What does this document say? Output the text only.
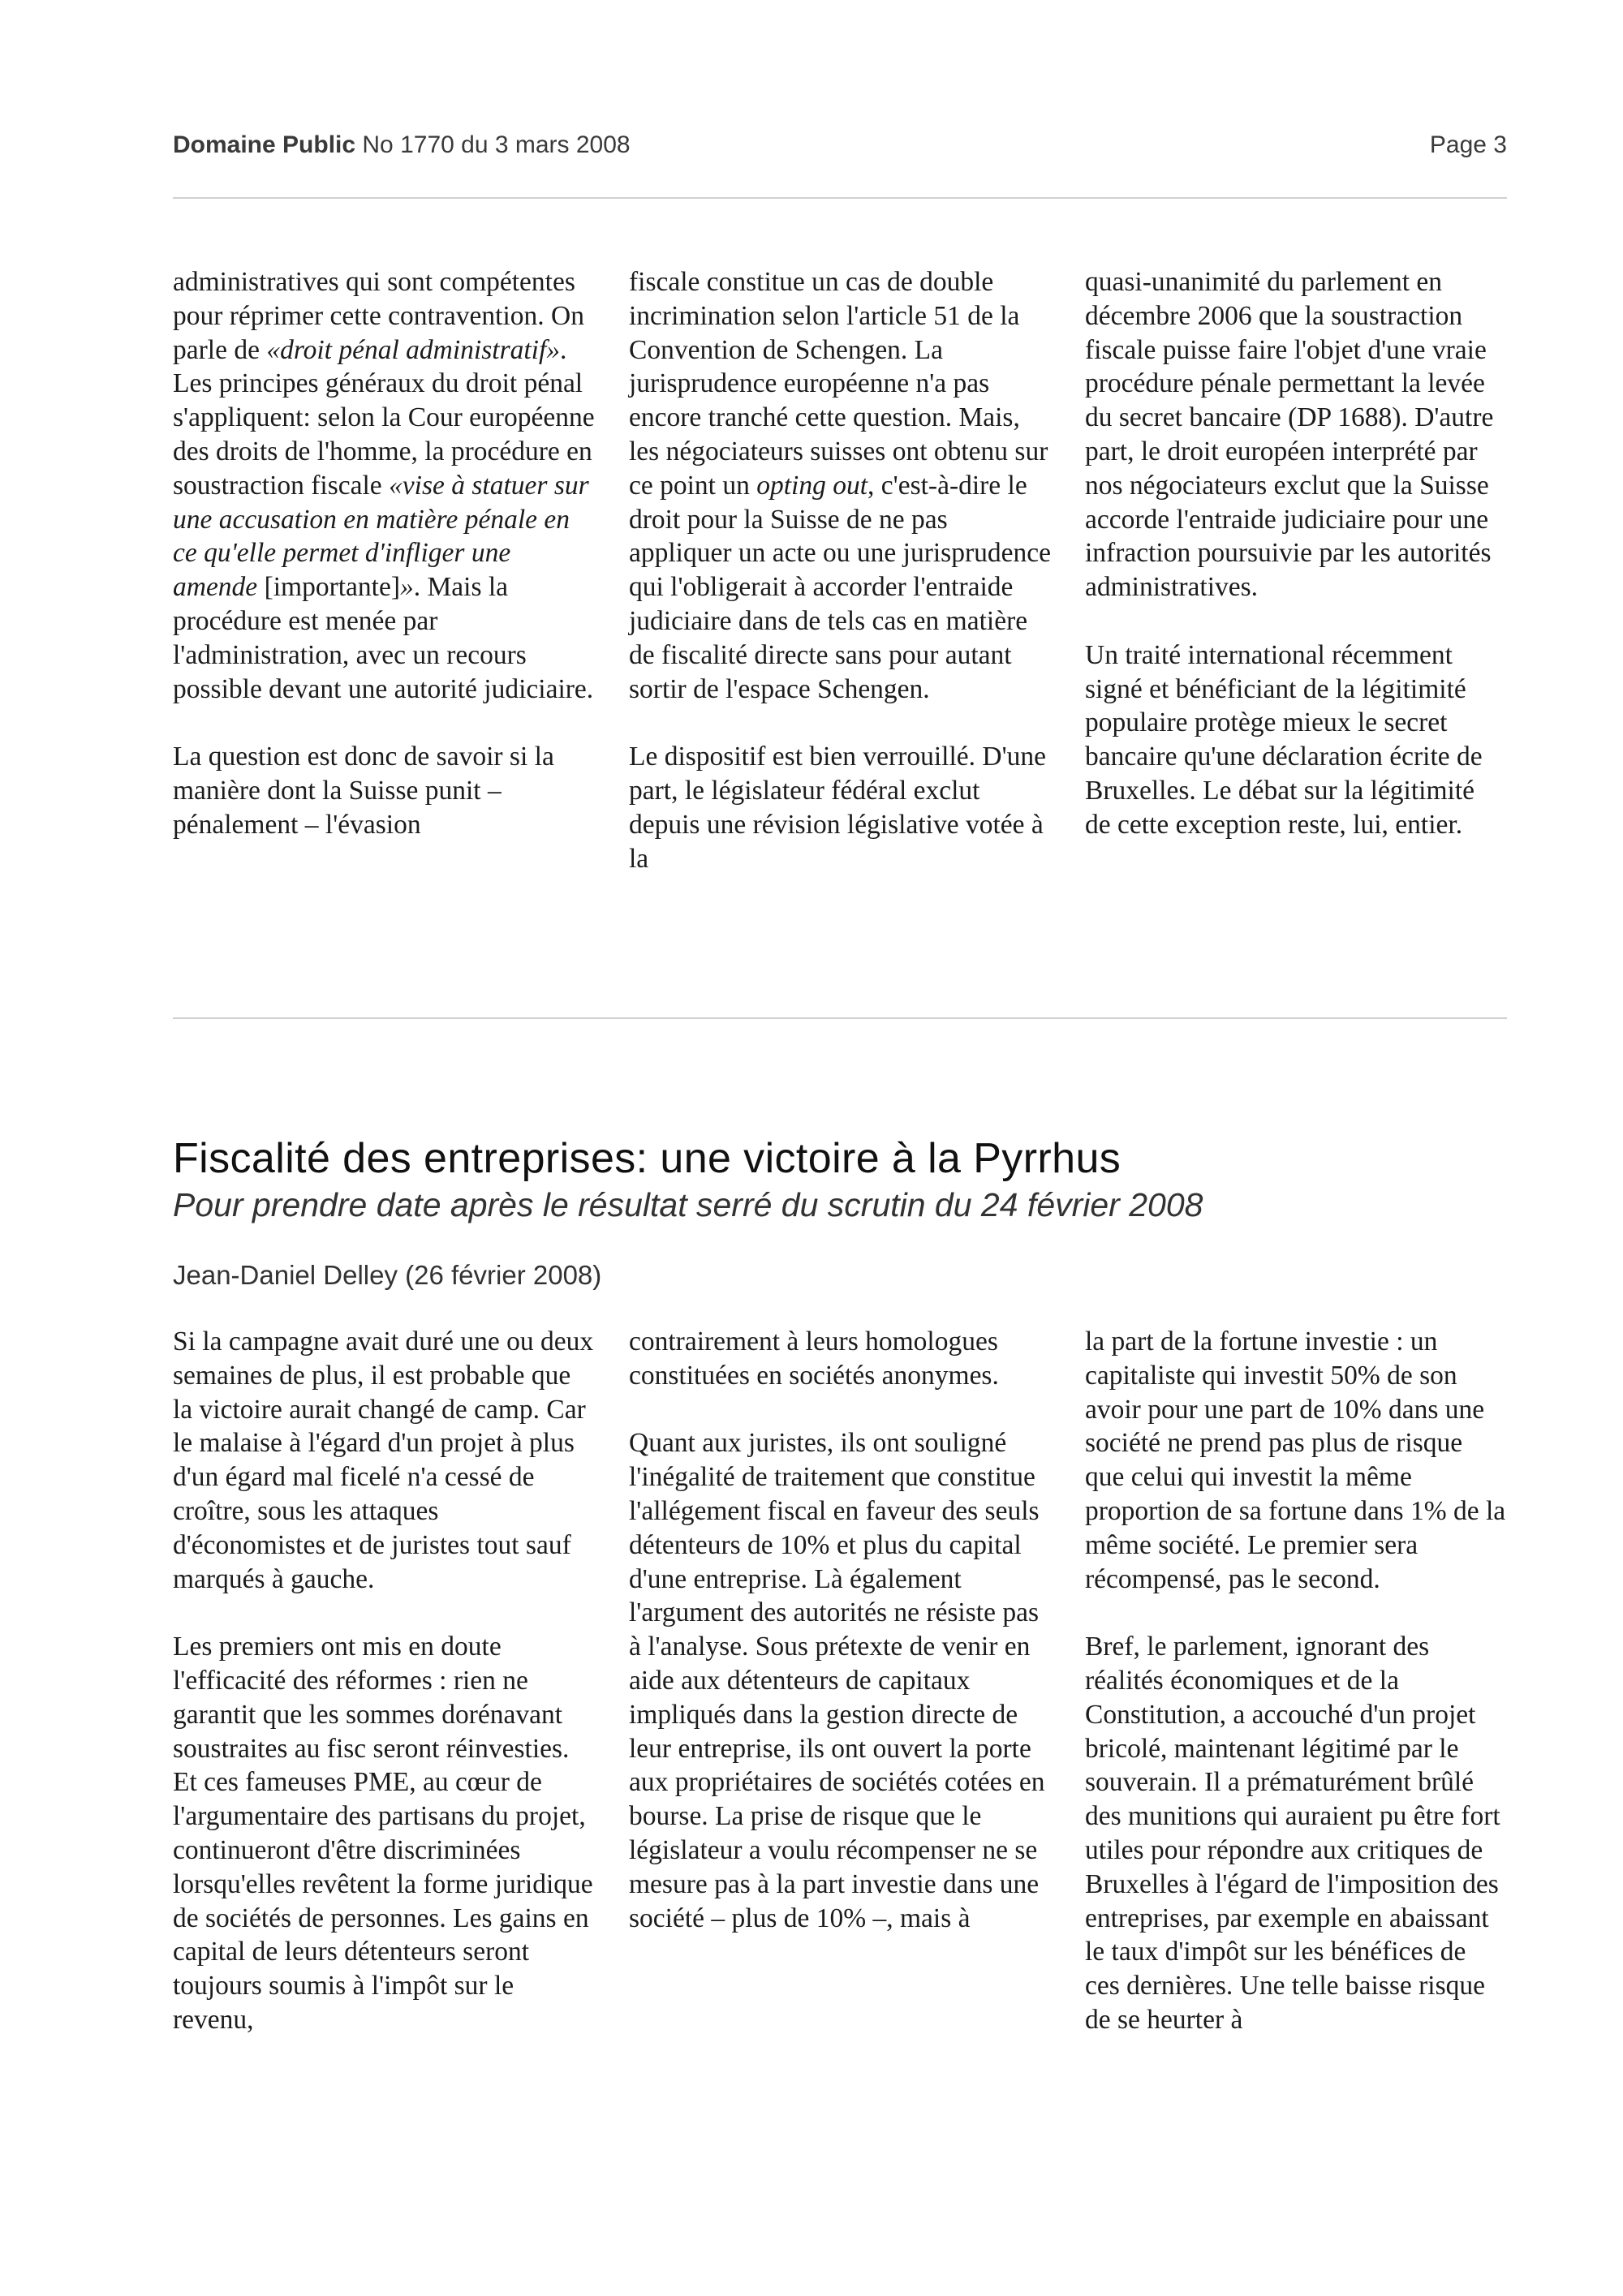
Domaine Public No 1770 du 3 mars 2008	Page 3

administratives qui sont compétentes pour réprimer cette contravention. On parle de «droit pénal administratif». Les principes généraux du droit pénal s'appliquent: selon la Cour européenne des droits de l'homme, la procédure en soustraction fiscale «vise à statuer sur une accusation en matière pénale en ce qu'elle permet d'infliger une amende [importante]». Mais la procédure est menée par l'administration, avec un recours possible devant une autorité judiciaire.

La question est donc de savoir si la manière dont la Suisse punit – pénalement – l'évasion

fiscale constitue un cas de double incrimination selon l'article 51 de la Convention de Schengen. La jurisprudence européenne n'a pas encore tranché cette question. Mais, les négociateurs suisses ont obtenu sur ce point un opting out, c'est-à-dire le droit pour la Suisse de ne pas appliquer un acte ou une jurisprudence qui l'obligerait à accorder l'entraide judiciaire dans de tels cas en matière de fiscalité directe sans pour autant sortir de l'espace Schengen.

Le dispositif est bien verrouillé. D'une part, le législateur fédéral exclut depuis une révision législative votée à la

quasi-unanimité du parlement en décembre 2006 que la soustraction fiscale puisse faire l'objet d'une vraie procédure pénale permettant la levée du secret bancaire (DP 1688). D'autre part, le droit européen interprété par nos négociateurs exclut que la Suisse accorde l'entraide judiciaire pour une infraction poursuivie par les autorités administratives.

Un traité international récemment signé et bénéficiant de la légitimité populaire protège mieux le secret bancaire qu'une déclaration écrite de Bruxelles. Le débat sur la légitimité de cette exception reste, lui, entier.

Fiscalité des entreprises: une victoire à la Pyrrhus
Pour prendre date après le résultat serré du scrutin du 24 février 2008
Jean-Daniel Delley (26 février 2008)

Si la campagne avait duré une ou deux semaines de plus, il est probable que la victoire aurait changé de camp. Car le malaise à l'égard d'un projet à plus d'un égard mal ficelé n'a cessé de croître, sous les attaques d'économistes et de juristes tout sauf marqués à gauche.

Les premiers ont mis en doute l'efficacité des réformes : rien ne garantit que les sommes dorénavant soustraites au fisc seront réinvesties. Et ces fameuses PME, au cœur de l'argumentaire des partisans du projet, continueront d'être discriminées lorsqu'elles revêtent la forme juridique de sociétés de personnes. Les gains en capital de leurs détenteurs seront toujours soumis à l'impôt sur le revenu,

contrairement à leurs homologues constituées en sociétés anonymes.

Quant aux juristes, ils ont souligné l'inégalité de traitement que constitue l'allégement fiscal en faveur des seuls détenteurs de 10% et plus du capital d'une entreprise. Là également l'argument des autorités ne résiste pas à l'analyse. Sous prétexte de venir en aide aux détenteurs de capitaux impliqués dans la gestion directe de leur entreprise, ils ont ouvert la porte aux propriétaires de sociétés cotées en bourse. La prise de risque que le législateur a voulu récompenser ne se mesure pas à la part investie dans une société – plus de 10% –, mais à

la part de la fortune investie : un capitaliste qui investit 50% de son avoir pour une part de 10% dans une société ne prend pas plus de risque que celui qui investit la même proportion de sa fortune dans 1% de la même société. Le premier sera récompensé, pas le second.

Bref, le parlement, ignorant des réalités économiques et de la Constitution, a accouché d'un projet bricolé, maintenant légitimé par le souverain. Il a prématurément brûlé des munitions qui auraient pu être fort utiles pour répondre aux critiques de Bruxelles à l'égard de l'imposition des entreprises, par exemple en abaissant le taux d'impôt sur les bénéfices de ces dernières. Une telle baisse risque de se heurter à
